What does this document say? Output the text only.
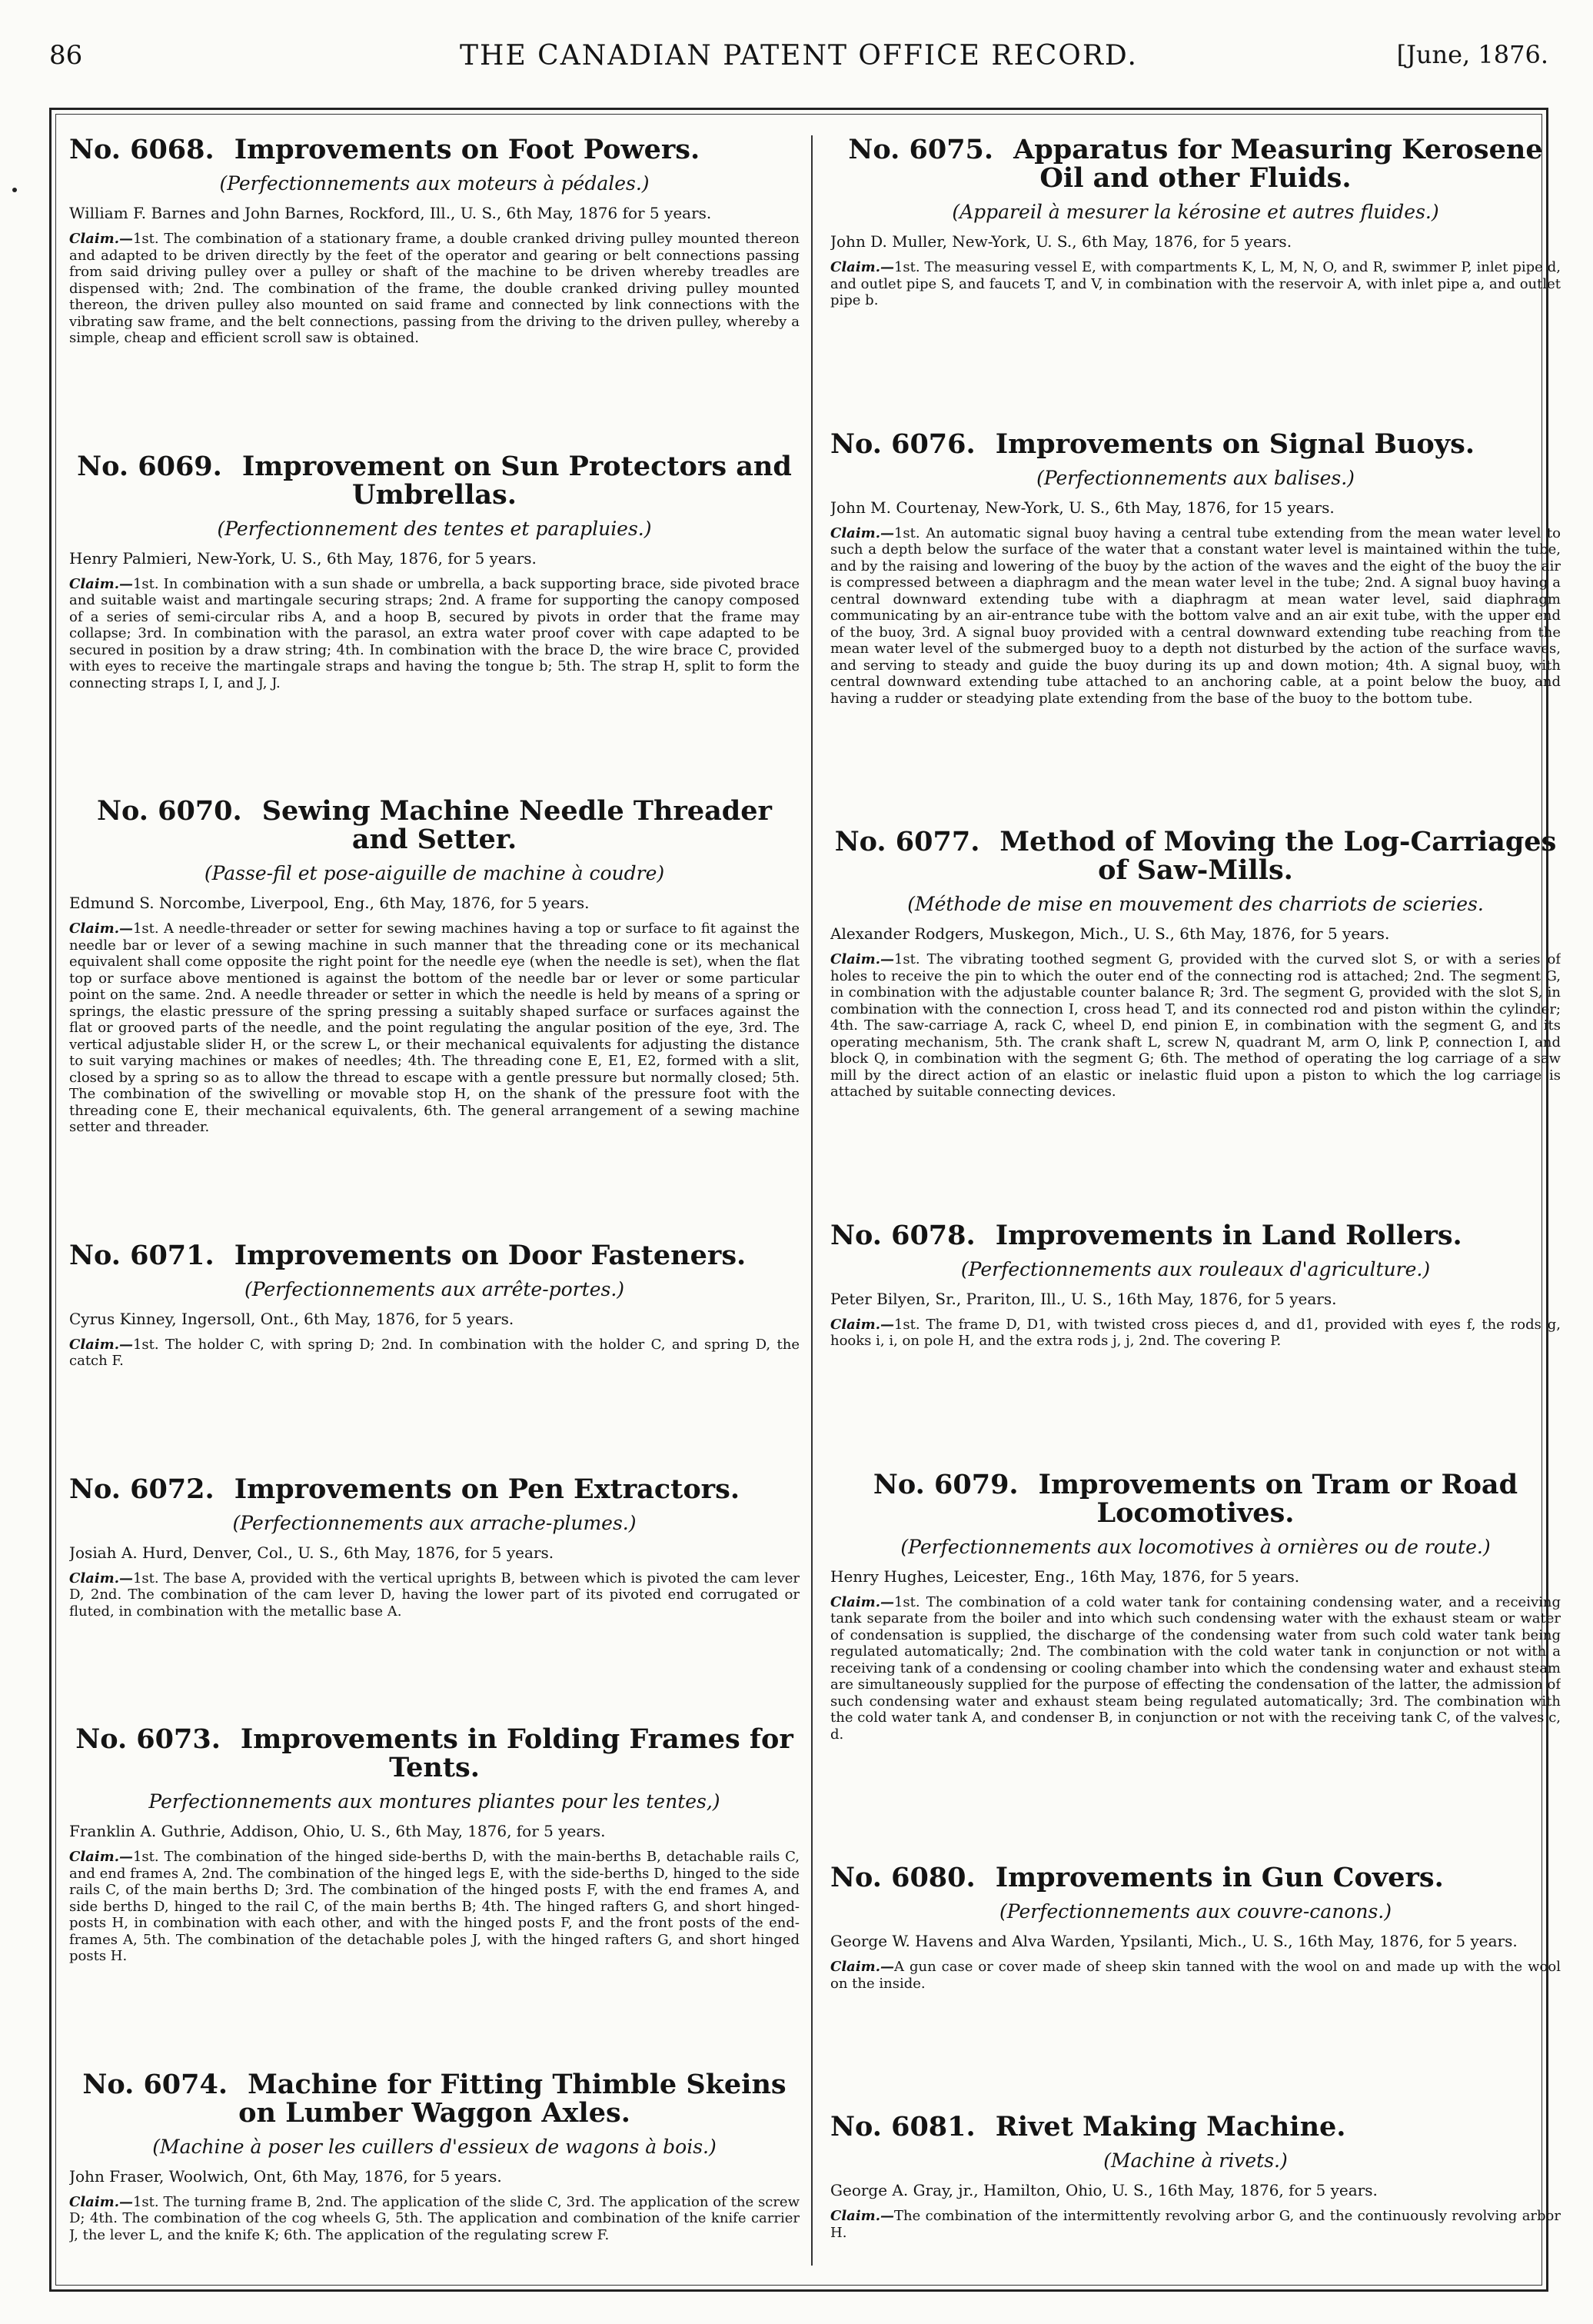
86	THE CANADIAN PATENT OFFICE RECORD.	[June, 1876.
No. 6068. Improvements on Foot Powers.
(Perfectionnements aux moteurs à pédales.)
William F. Barnes and John Barnes, Rockford, Ill., U. S., 6th May, 1876 for 5 years.

Claim.—1st. The combination of a stationary frame, a double cranked driving pulley mounted thereon and adapted to be driven directly by the feet of the operator and gearing or belt connections passing from said driving pulley over a pulley or shaft of the machine to be driven whereby treadles are dispensed with; 2nd. The combination of the frame, the double cranked driving pulley mounted thereon, the driven pulley also mounted on said frame and connected by link connections with the vibrating saw frame, and the belt connections, passing from the driving to the driven pulley, whereby a simple, cheap and efficient scroll saw is obtained.

No. 6069. Improvement on Sun Protectors and Umbrellas.
(Perfectionnement des tentes et parapluies.)
Henry Palmieri, New-York, U. S., 6th May, 1876, for 5 years.

Claim.—1st. In combination with a sun shade or umbrella, a back supporting brace, side pivoted brace and suitable waist and martingale securing straps; 2nd. A frame for supporting the canopy composed of a series of semi-circular ribs A, and a hoop B, secured by pivots in order that the frame may collapse; 3rd. In combination with the parasol, an extra water proof cover with cape adapted to be secured in position by a draw string; 4th. In combination with the brace D, the wire brace C, provided with eyes to receive the martingale straps and having the tongue b; 5th. The strap H, split to form the connecting straps I, I, and J, J.

No. 6070. Sewing Machine Needle Threader and Setter.
(Passe-fil et pose-aiguille de machine à coudre)
Edmund S. Norcombe, Liverpool, Eng., 6th May, 1876, for 5 years.

Claim.—1st. A needle-threader or setter for sewing machines having a top or surface to fit against the needle bar or lever of a sewing machine in such manner that the threading cone or its mechanical equivalent shall come opposite the right point for the needle eye (when the needle is set), when the flat top or surface above mentioned is against the bottom of the needle bar or lever or some particular point on the same. 2nd. A needle threader or setter in which the needle is held by means of a spring or springs, the elastic pressure of the spring pressing a suitably shaped surface or surfaces against the flat or grooved parts of the needle, and the point regulating the angular position of the eye, 3rd. The vertical adjustable slider H, or the screw L, or their mechanical equivalents for adjusting the distance to suit varying machines or makes of needles; 4th. The threading cone E, E1, E2, formed with a slit, closed by a spring so as to allow the thread to escape with a gentle pressure but normally closed; 5th. The combination of the swivelling or movable stop H, on the shank of the pressure foot with the threading cone E, their mechanical equivalents, 6th. The general arrangement of a sewing machine setter and threader.

No. 6071. Improvements on Door Fasteners.
(Perfectionnements aux arrête-portes.)
Cyrus Kinney, Ingersoll, Ont., 6th May, 1876, for 5 years.

Claim.—1st. The holder C, with spring D; 2nd. In combination with the holder C, and spring D, the catch F.

No. 6072. Improvements on Pen Extractors.
(Perfectionnements aux arrache-plumes.)
Josiah A. Hurd, Denver, Col., U. S., 6th May, 1876, for 5 years.

Claim.—1st. The base A, provided with the vertical uprights B, between which is pivoted the cam lever D, 2nd. The combination of the cam lever D, having the lower part of its pivoted end corrugated or fluted, in combination with the metallic base A.

No. 6073. Improvements in Folding Frames for Tents.
Perfectionnements aux montures pliantes pour les tentes,)
Franklin A. Guthrie, Addison, Ohio, U. S., 6th May, 1876, for 5 years.

Claim.—1st. The combination of the hinged side-berths D, with the main-berths B, detachable rails C, and end frames A, 2nd. The combination of the hinged legs E, with the side-berths D, hinged to the side rails C, of the main berths D; 3rd. The combination of the hinged posts F, with the end frames A, and side berths D, hinged to the rail C, of the main berths B; 4th. The hinged rafters G, and short hinged-posts H, in combination with each other, and with the hinged posts F, and the front posts of the end-frames A, 5th. The combination of the detachable poles J, with the hinged rafters G, and short hinged posts H.

No. 6074. Machine for Fitting Thimble Skeins on Lumber Waggon Axles.
(Machine à poser les cuillers d'essieux de wagons à bois.)
John Fraser, Woolwich, Ont, 6th May, 1876, for 5 years.

Claim.—1st. The turning frame B, 2nd. The application of the slide C, 3rd. The application of the screw D; 4th. The combination of the cog wheels G, 5th. The application and combination of the knife carrier J, the lever L, and the knife K; 6th. The application of the regulating screw F.

No. 6075. Apparatus for Measuring Kerosene Oil and other Fluids.
(Appareil à mesurer la kérosine et autres fluides.)
John D. Muller, New-York, U. S., 6th May, 1876, for 5 years.

Claim.—1st. The measuring vessel E, with compartments K, L, M, N, O, and R, swimmer P, inlet pipe d, and outlet pipe S, and faucets T, and V, in combination with the reservoir A, with inlet pipe a, and outlet pipe b.

No. 6076. Improvements on Signal Buoys.
(Perfectionnements aux balises.)
John M. Courtenay, New-York, U. S., 6th May, 1876, for 15 years.

Claim.—1st. An automatic signal buoy having a central tube extending from the mean water level to such a depth below the surface of the water that a constant water level is maintained within the tube, and by the raising and lowering of the buoy by the action of the waves and the eight of the buoy the air is compressed between a diaphragm and the mean water level in the tube; 2nd. A signal buoy having a central downward extending tube with a diaphragm at mean water level, said diaphragm communicating by an air-entrance tube with the bottom valve and an air exit tube, with the upper end of the buoy, 3rd. A signal buoy provided with a central downward extending tube reaching from the mean water level of the submerged buoy to a depth not disturbed by the action of the surface waves, and serving to steady and guide the buoy during its up and down motion; 4th. A signal buoy, with central downward extending tube attached to an anchoring cable, at a point below the buoy, and having a rudder or steadying plate extending from the base of the buoy to the bottom tube.

No. 6077. Method of Moving the Log-Carriages of Saw-Mills.
(Méthode de mise en mouvement des charriots de scieries.
Alexander Rodgers, Muskegon, Mich., U. S., 6th May, 1876, for 5 years.

Claim.—1st. The vibrating toothed segment G, provided with the curved slot S, or with a series of holes to receive the pin to which the outer end of the connecting rod is attached; 2nd. The segment G, in combination with the adjustable counter balance R; 3rd. The segment G, provided with the slot S, in combination with the connection I, cross head T, and its connected rod and piston within the cylinder; 4th. The saw-carriage A, rack C, wheel D, end pinion E, in combination with the segment G, and its operating mechanism, 5th. The crank shaft L, screw N, quadrant M, arm O, link P, connection I, and block Q, in combination with the segment G; 6th. The method of operating the log carriage of a saw mill by the direct action of an elastic or inelastic fluid upon a piston to which the log carriage is attached by suitable connecting devices.

No. 6078. Improvements in Land Rollers.
(Perfectionnements aux rouleaux d'agriculture.)
Peter Bilyen, Sr., Prariton, Ill., U. S., 16th May, 1876, for 5 years.

Claim.—1st. The frame D, D1, with twisted cross pieces d, and d1, provided with eyes f, the rods g, hooks i, i, on pole H, and the extra rods j, j, 2nd. The covering P.

No. 6079. Improvements on Tram or Road Locomotives.
(Perfectionnements aux locomotives à ornières ou de route.)
Henry Hughes, Leicester, Eng., 16th May, 1876, for 5 years.

Claim.—1st. The combination of a cold water tank for containing condensing water, and a receiving tank separate from the boiler and into which such condensing water with the exhaust steam or water of condensation is supplied, the discharge of the condensing water from such cold water tank being regulated automatically; 2nd. The combination with the cold water tank in conjunction or not with a receiving tank of a condensing or cooling chamber into which the condensing water and exhaust steam are simultaneously supplied for the purpose of effecting the condensation of the latter, the admission of such condensing water and exhaust steam being regulated automatically; 3rd. The combination with the cold water tank A, and condenser B, in conjunction or not with the receiving tank C, of the valves c, d.

No. 6080. Improvements in Gun Covers.
(Perfectionnements aux couvre-canons.)
George W. Havens and Alva Warden, Ypsilanti, Mich., U. S., 16th May, 1876, for 5 years.

Claim.—A gun case or cover made of sheep skin tanned with the wool on and made up with the wool on the inside.

No. 6081. Rivet Making Machine.
(Machine à rivets.)
George A. Gray, jr., Hamilton, Ohio, U. S., 16th May, 1876, for 5 years.

Claim.—The combination of the intermittently revolving arbor G, and the continuously revolving arbor H.
